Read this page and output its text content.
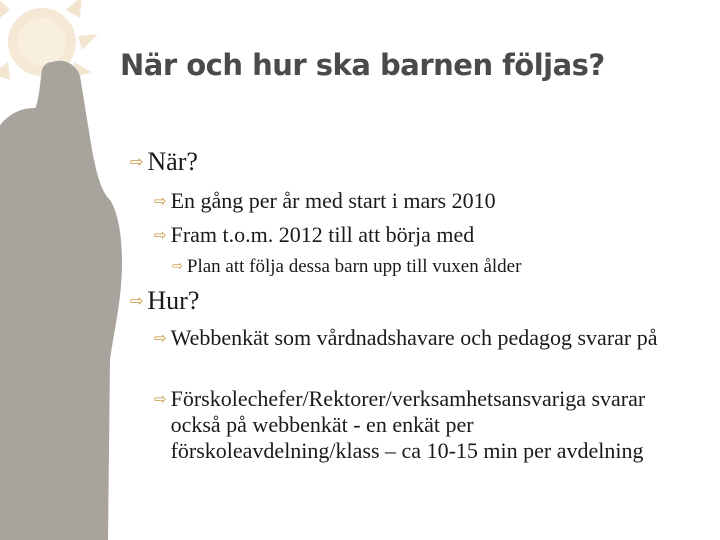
När och hur ska barnen följas?
⇨ När?
⇨ En gång per år med start i mars 2010
⇨ Fram t.o.m. 2012 till att börja med
⇨ Plan att följa dessa barn upp till vuxen ålder
⇨ Hur?
⇨ Webbenkät som vårdnadshavare och pedagog svarar på
⇨ Förskolechefer/Rektorer/verksamhetsansvariga svarar också på webbenkät - en enkät per förskoleavdelning/klass – ca 10-15 min per avdelning
